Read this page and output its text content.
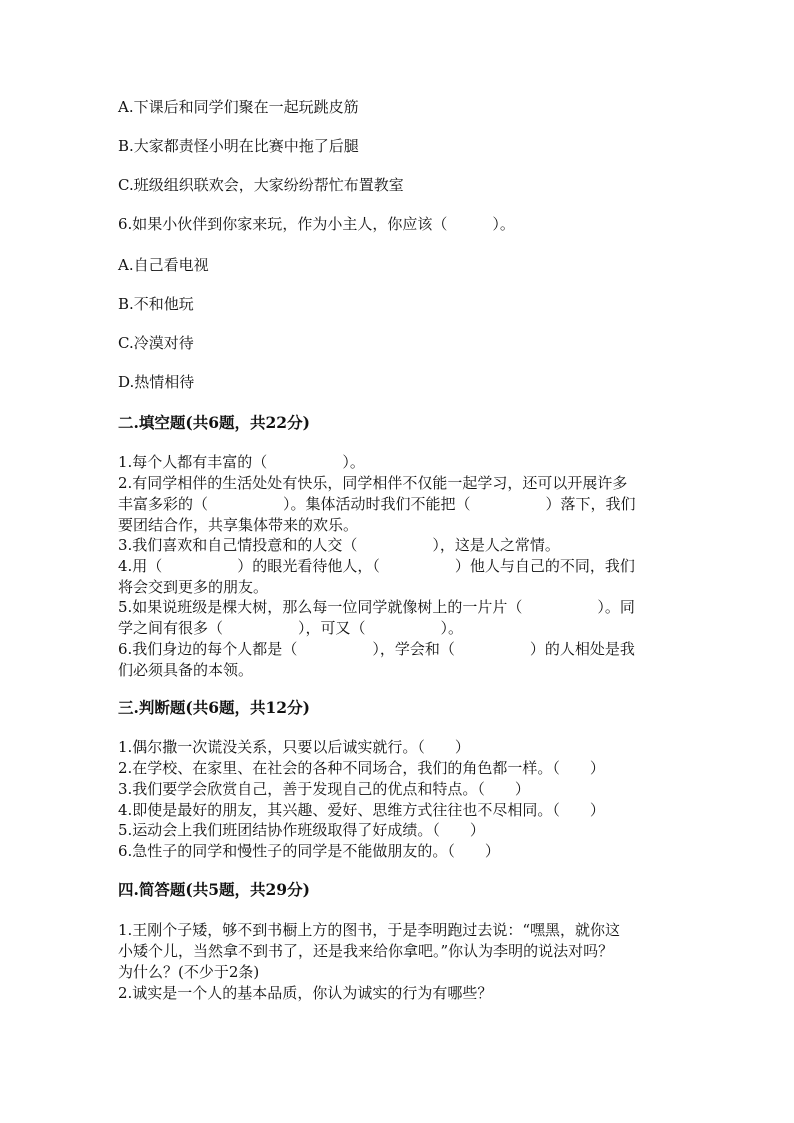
A.下课后和同学们聚在一起玩跳皮筋
B.大家都责怪小明在比赛中拖了后腿
C.班级组织联欢会，大家纷纷帮忙布置教室
6.如果小伙伴到你家来玩，作为小主人，你应该（　　　）。
A.自己看电视
B.不和他玩
C.冷漠对待
D.热情相待
二.填空题(共6题，共22分)
1.每个人都有丰富的（　　　　　）。
2.有同学相伴的生活处处有快乐，同学相伴不仅能一起学习，还可以开展许多
丰富多彩的（　　　　　）。集体活动时我们不能把（　　　　　）落下，我们
要团结合作，共享集体带来的欢乐。
3.我们喜欢和自己情投意和的人交（　　　　　），这是人之常情。
4.用（　　　　　）的眼光看待他人，（　　　　　）他人与自己的不同，我们
将会交到更多的朋友。
5.如果说班级是棵大树，那么每一位同学就像树上的一片片（　　　　　）。同
学之间有很多（　　　　　），可又（　　　　　）。
6.我们身边的每个人都是（　　　　　），学会和（　　　　　）的人相处是我
们必须具备的本领。
三.判断题(共6题，共12分)
1.偶尔撒一次谎没关系，只要以后诚实就行。（　　）
2.在学校、在家里、在社会的各种不同场合，我们的角色都一样。（　　）
3.我们要学会欣赏自己，善于发现自己的优点和特点。（　　）
4.即使是最好的朋友，其兴趣、爱好、思维方式往往也不尽相同。（　　）
5.运动会上我们班团结协作班级取得了好成绩。（　　）
6.急性子的同学和慢性子的同学是不能做朋友的。（　　）
四.简答题(共5题，共29分)
1.王刚个子矮，够不到书橱上方的图书，于是李明跑过去说：“嘿黑，就你这
小矮个儿，当然拿不到书了，还是我来给你拿吧。”你认为李明的说法对吗？
为什么？(不少于2条)
2.诚实是一个人的基本品质，你认为诚实的行为有哪些？
